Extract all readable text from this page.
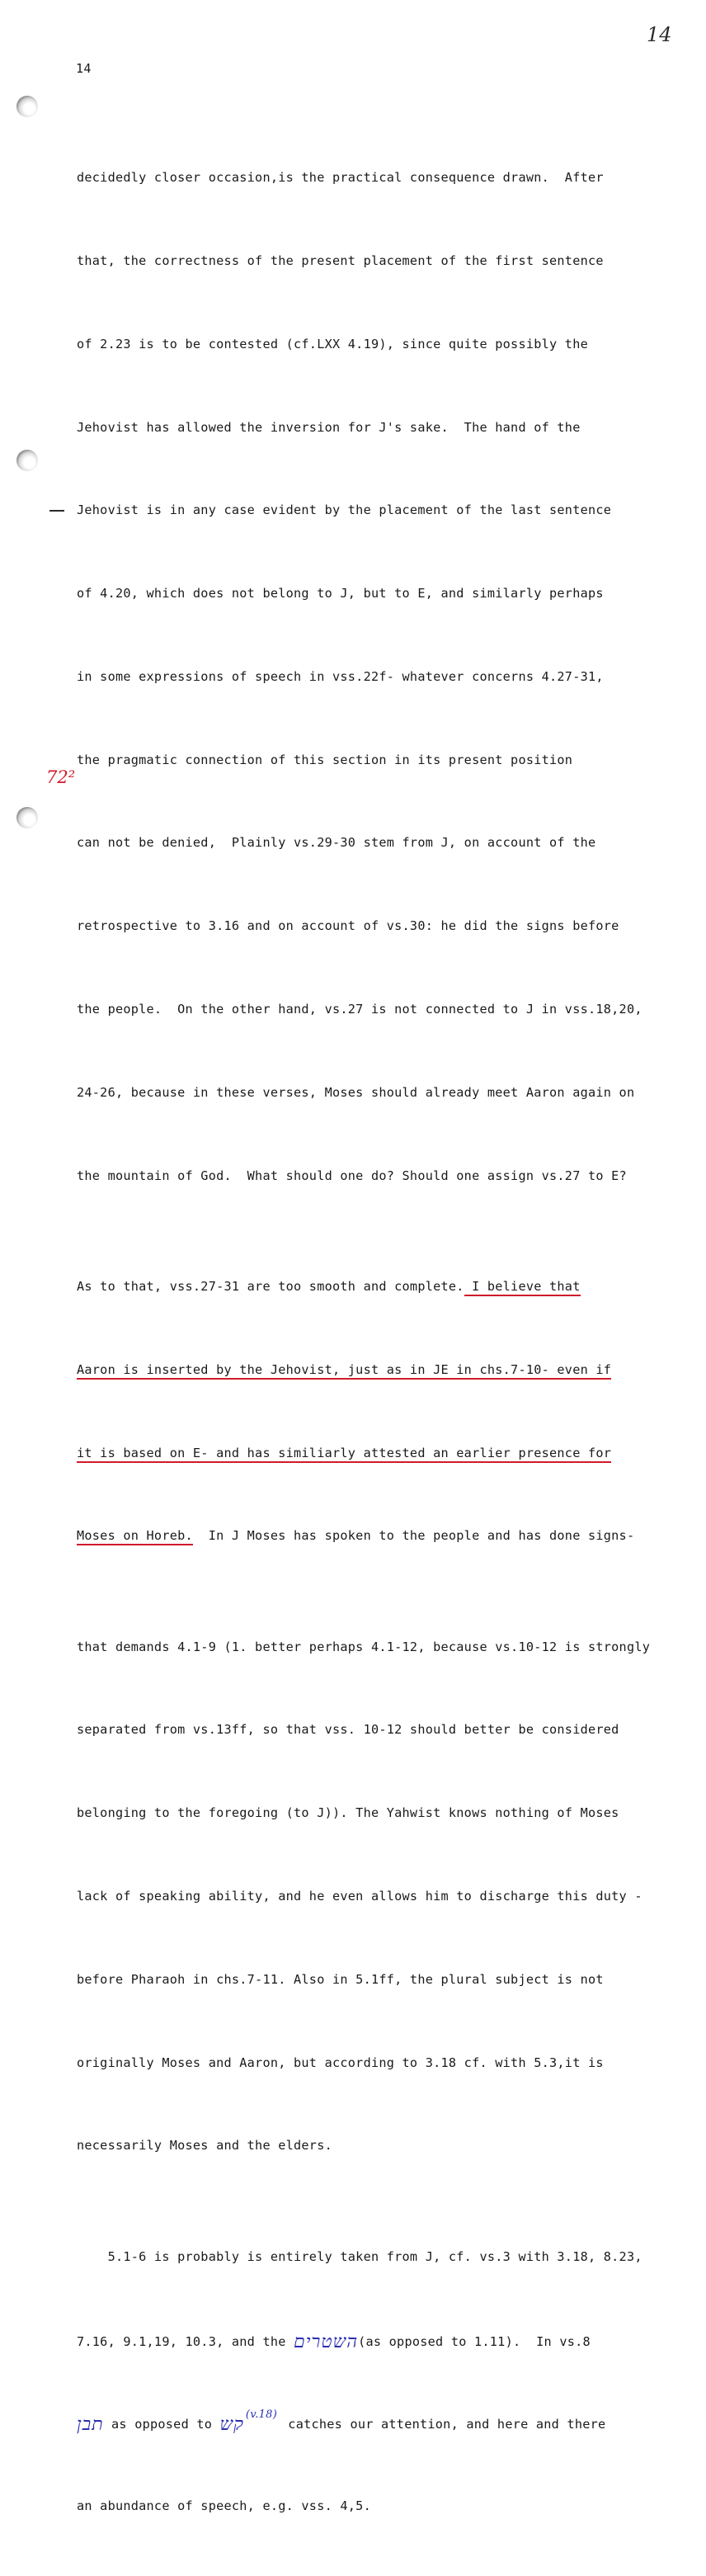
14
14
72²

decidedly closer occasion,is the practical consequence drawn.  After

that, the correctness of the present placement of the first sentence

of 2.23 is to be contested (cf.LXX 4.19), since quite possibly the

Jehovist has allowed the inversion for J's sake.  The hand of the

Jehovist is in any case evident by the placement of the last sentence

of 4.20, which does not belong to J, but to E, and similarly perhaps

in some expressions of speech in vss.22f- whatever concerns 4.27-31,

the pragmatic connection of this section in its present position

can not be denied,  Plainly vs.29-30 stem from J, on account of the

retrospective to 3.16 and on account of vs.30: he did the signs before

the people.  On the other hand, vs.27 is not connected to J in vss.18,20,

24-26, because in these verses, Moses should already meet Aaron again on

the mountain of God.  What should one do? Should one assign vs.27 to E?

As to that, vss.27-31 are too smooth and complete. I believe that

Aaron is inserted by the Jehovist, just as in JE in chs.7-10- even if

it is based on E- and has similiarly attested an earlier presence for

Moses on Horeb.  In J Moses has spoken to the people and has done signs-

that demands 4.1-9 (1. better perhaps 4.1-12, because vs.10-12 is strongly

separated from vs.13ff, so that vss. 10-12 should better be considered

belonging to the foregoing (to J)). The Yahwist knows nothing of Moses

lack of speaking ability, and he even allows him to discharge this duty -

before Pharaoh in chs.7-11. Also in 5.1ff, the plural subject is not

originally Moses and Aaron, but according to 3.18 cf. with 5.3,it is

necessarily Moses and the elders.

5.1-6 is probably is entirely taken from J, cf. vs.3 with 3.18, 8.23,

7.16, 9.1,19, 10.3, and the השטרים(as opposed to 1.11).  In vs.8

תבן as opposed to קש (v.18)
catches our attention, and here and there

an abundance of speech, e.g. vss. 4,5.
